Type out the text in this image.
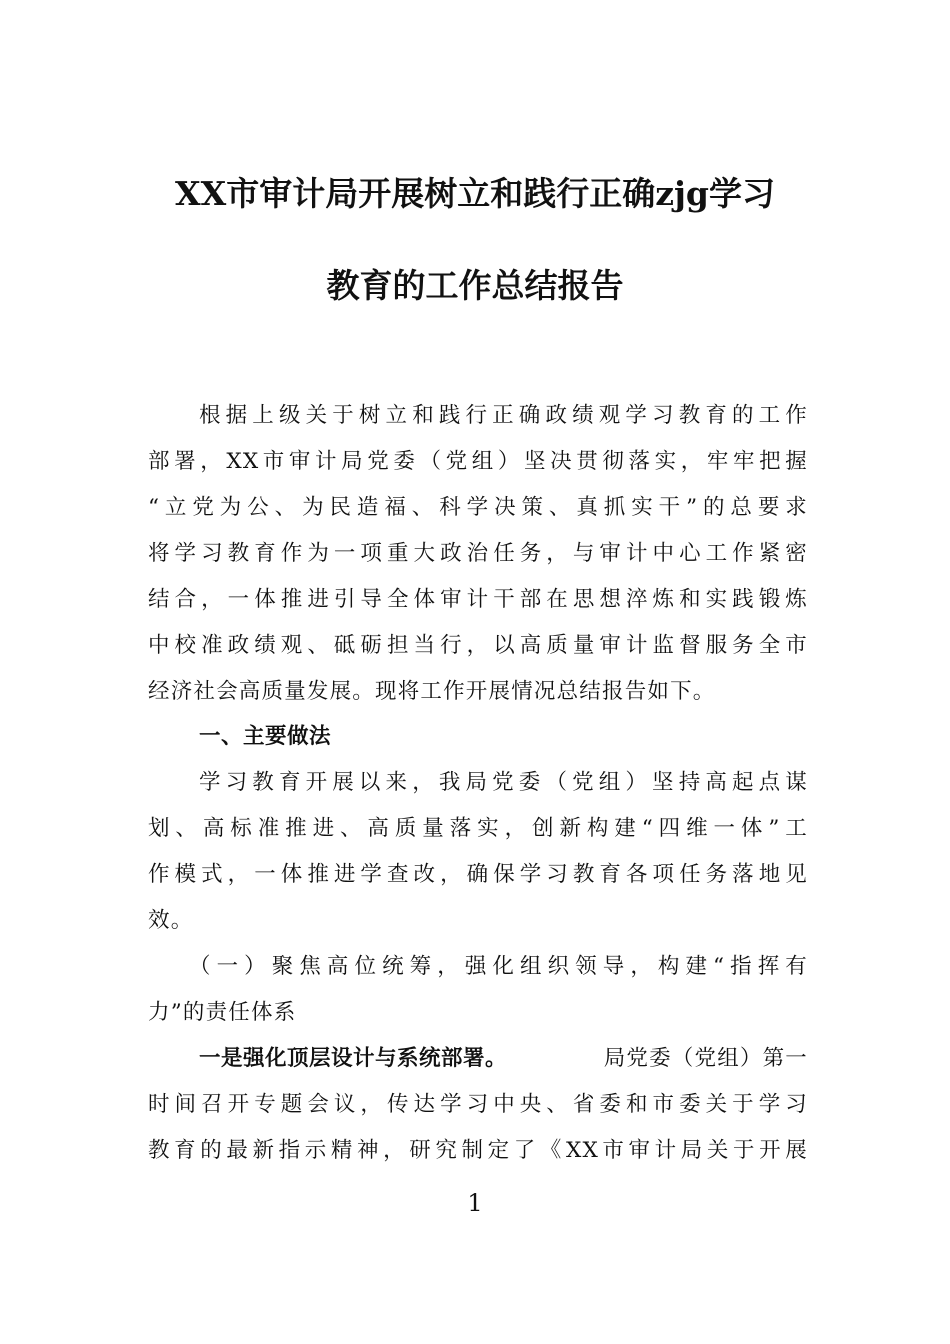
XX市审计局开展树立和践行正确zjg学习
教育的工作总结报告
根据上级关于树立和践行正确政绩观学习教育的工作
部署，XX市审计局党委（党组）坚决贯彻落实，牢牢把握
“立党为公、为民造福、科学决策、真抓实干”的总要求
将学习教育作为一项重大政治任务，与审计中心工作紧密
结合，一体推进引导全体审计干部在思想淬炼和实践锻炼
中校准政绩观、砥砺担当行，以高质量审计监督服务全市
经济社会高质量发展。现将工作开展情况总结报告如下。
一、主要做法
学习教育开展以来，我局党委（党组）坚持高起点谋
划、高标准推进、高质量落实，创新构建“四维一体”工
作模式，一体推进学查改，确保学习教育各项任务落地见
效。
（一）聚焦高位统筹，强化组织领导，构建“指挥有
力”的责任体系
一是强化顶层设计与系统部署。	局党委（党组）第一
时间召开专题会议，传达学习中央、省委和市委关于学习
教育的最新指示精神，研究制定了《XX市审计局关于开展
1
